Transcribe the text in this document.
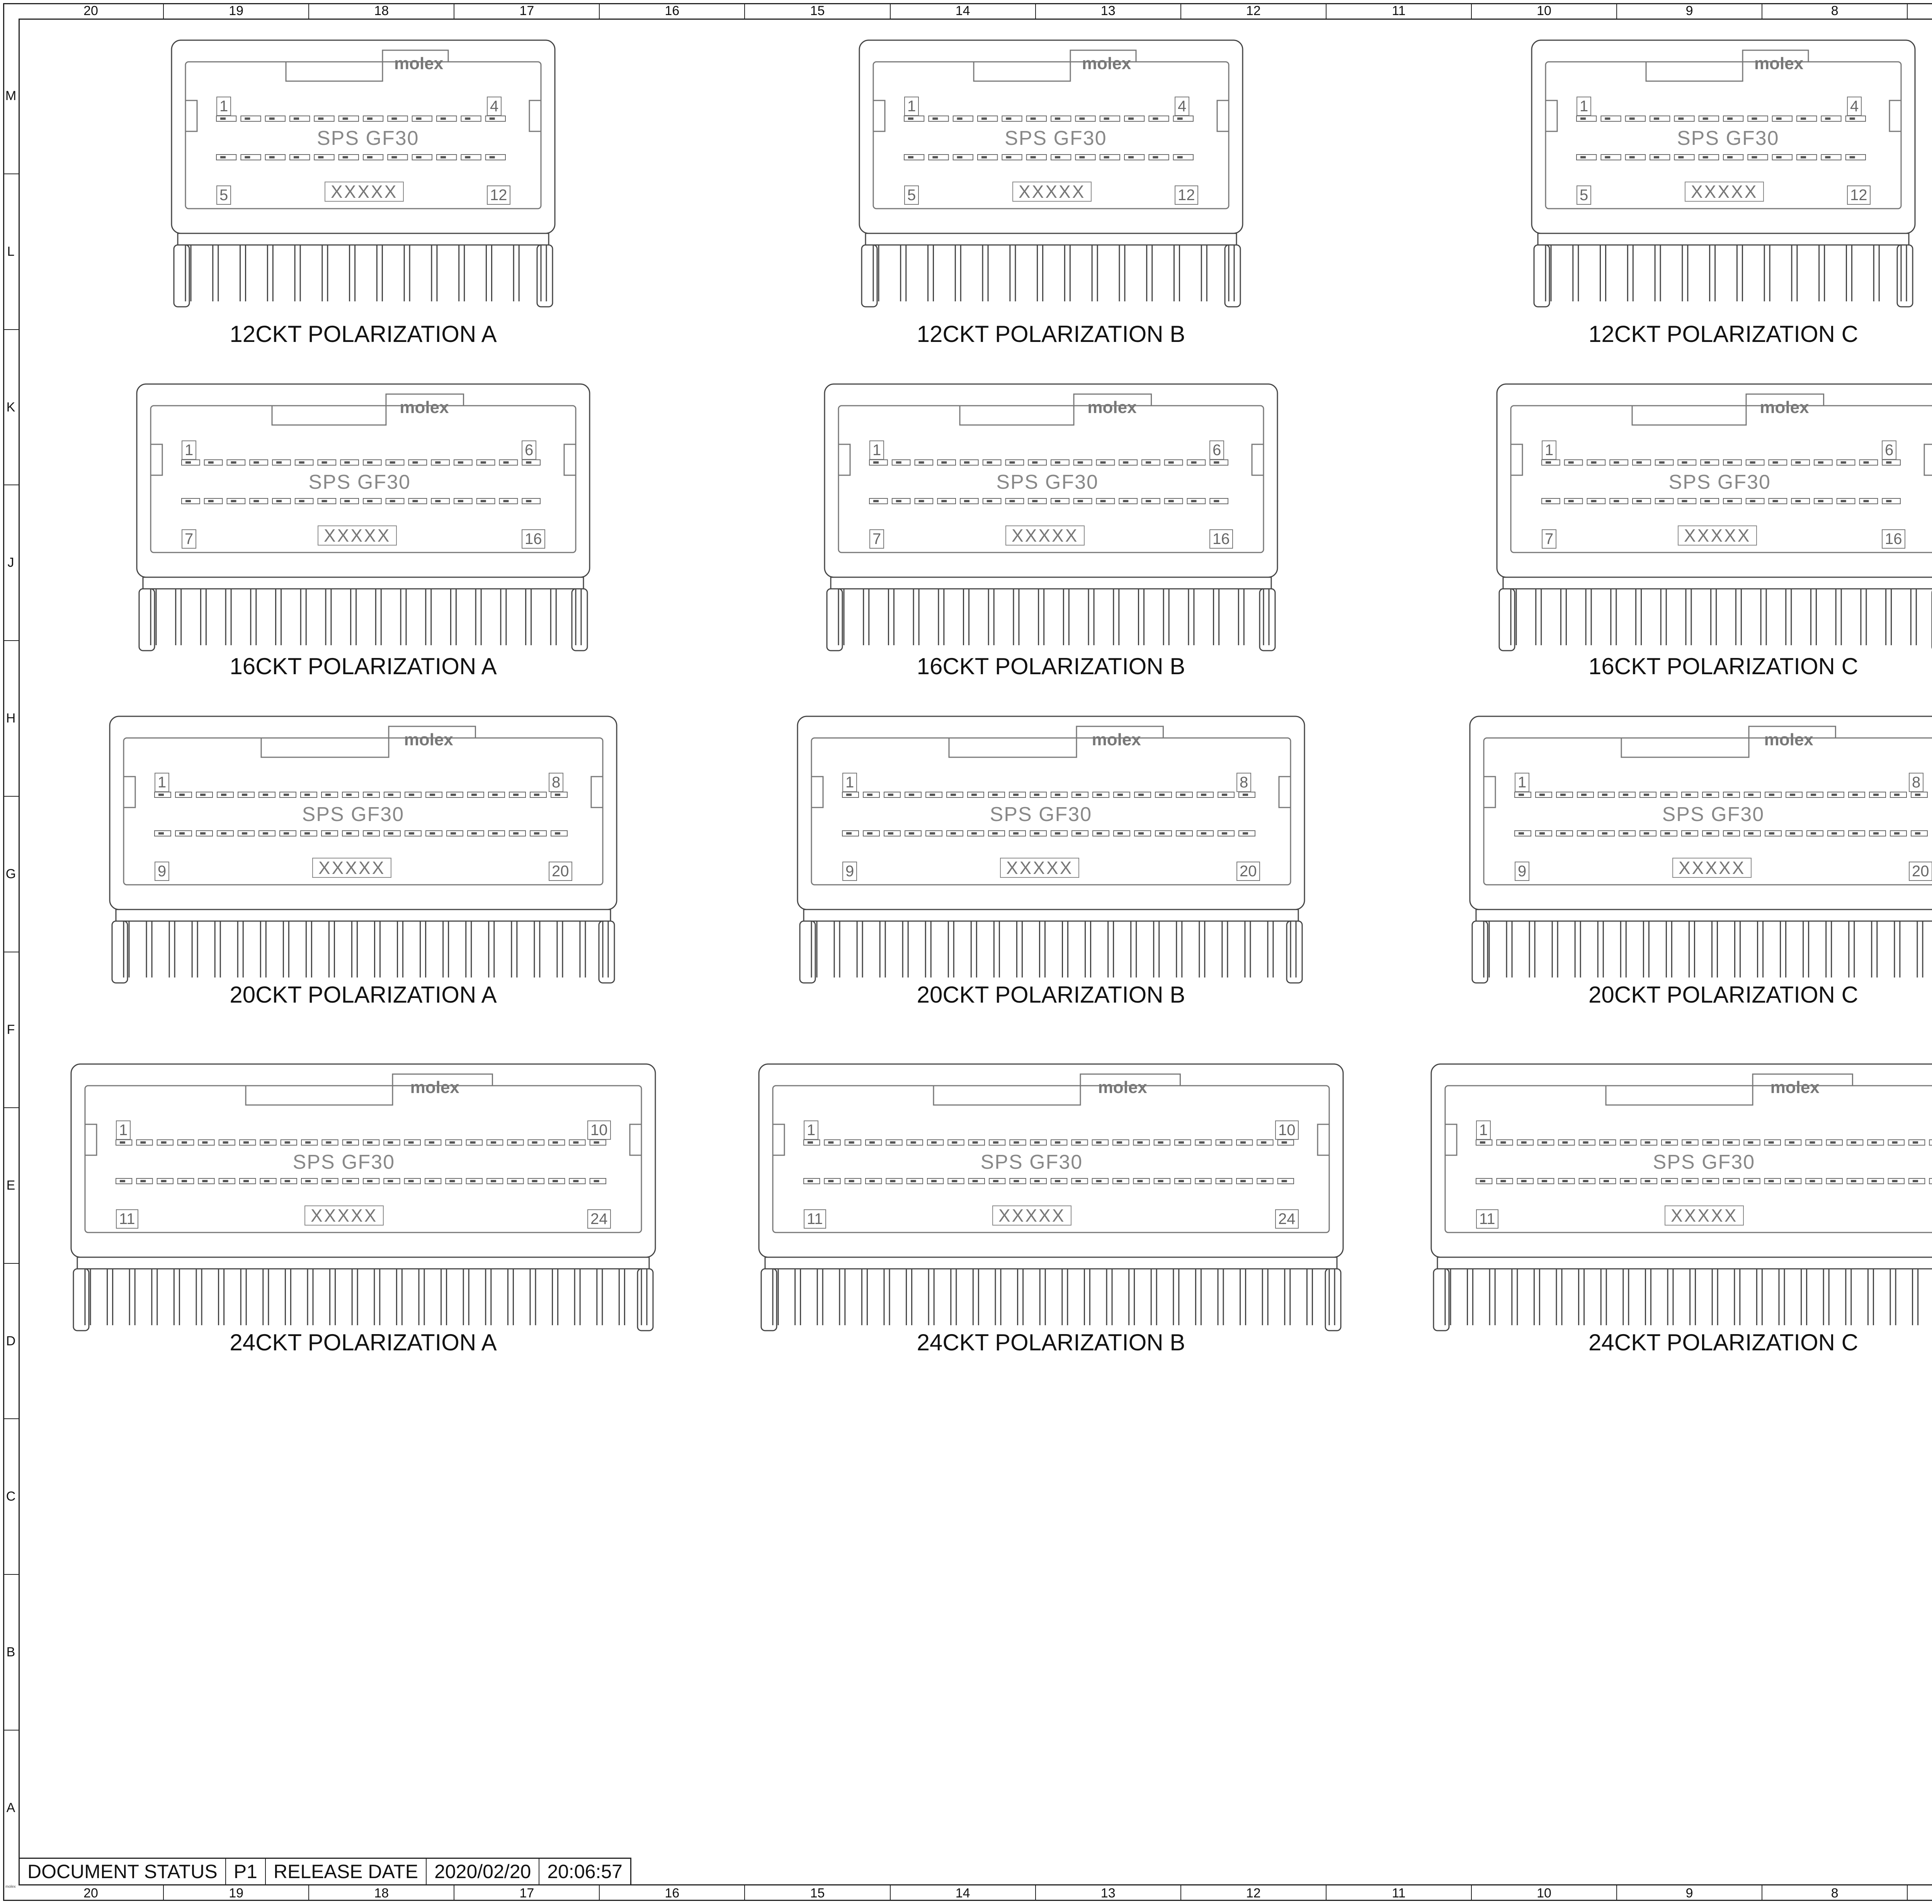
20	19	18	17	16	15	14	13	12	11	10	9	8
20	19	18	17	16	15	14	13	12	11	10	9	8
M
L
K
J
H
G
F
E
D
C
B
A
molex
SPS GF30
XXXXX
1	4
5	12
12CKT POLARIZATION A
molex
SPS GF30
XXXXX
1	4
5	12
12CKT POLARIZATION B
molex
SPS GF30
XXXXX
1	4
5	12
12CKT POLARIZATION C
molex
SPS GF30
XXXXX
1	6
7	16
16CKT POLARIZATION A
molex
SPS GF30
XXXXX
1	6
7	16
16CKT POLARIZATION B
molex
SPS GF30
XXXXX
1	6
7	16
16CKT POLARIZATION C
molex
SPS GF30
XXXXX
1	8
9	20
20CKT POLARIZATION A
molex
SPS GF30
XXXXX
1	8
9	20
20CKT POLARIZATION B
molex
SPS GF30
XXXXX
1	8
9	20
20CKT POLARIZATION C
molex
SPS GF30
XXXXX
1	10
11	24
24CKT POLARIZATION A
molex
SPS GF30
XXXXX
1	10
11	24
24CKT POLARIZATION B
molex
SPS GF30
XXXXX
1
11
24CKT POLARIZATION C

DOCUMENT STATUS P1 RELEASE DATE 2020/02/20 20:06:57
molex
